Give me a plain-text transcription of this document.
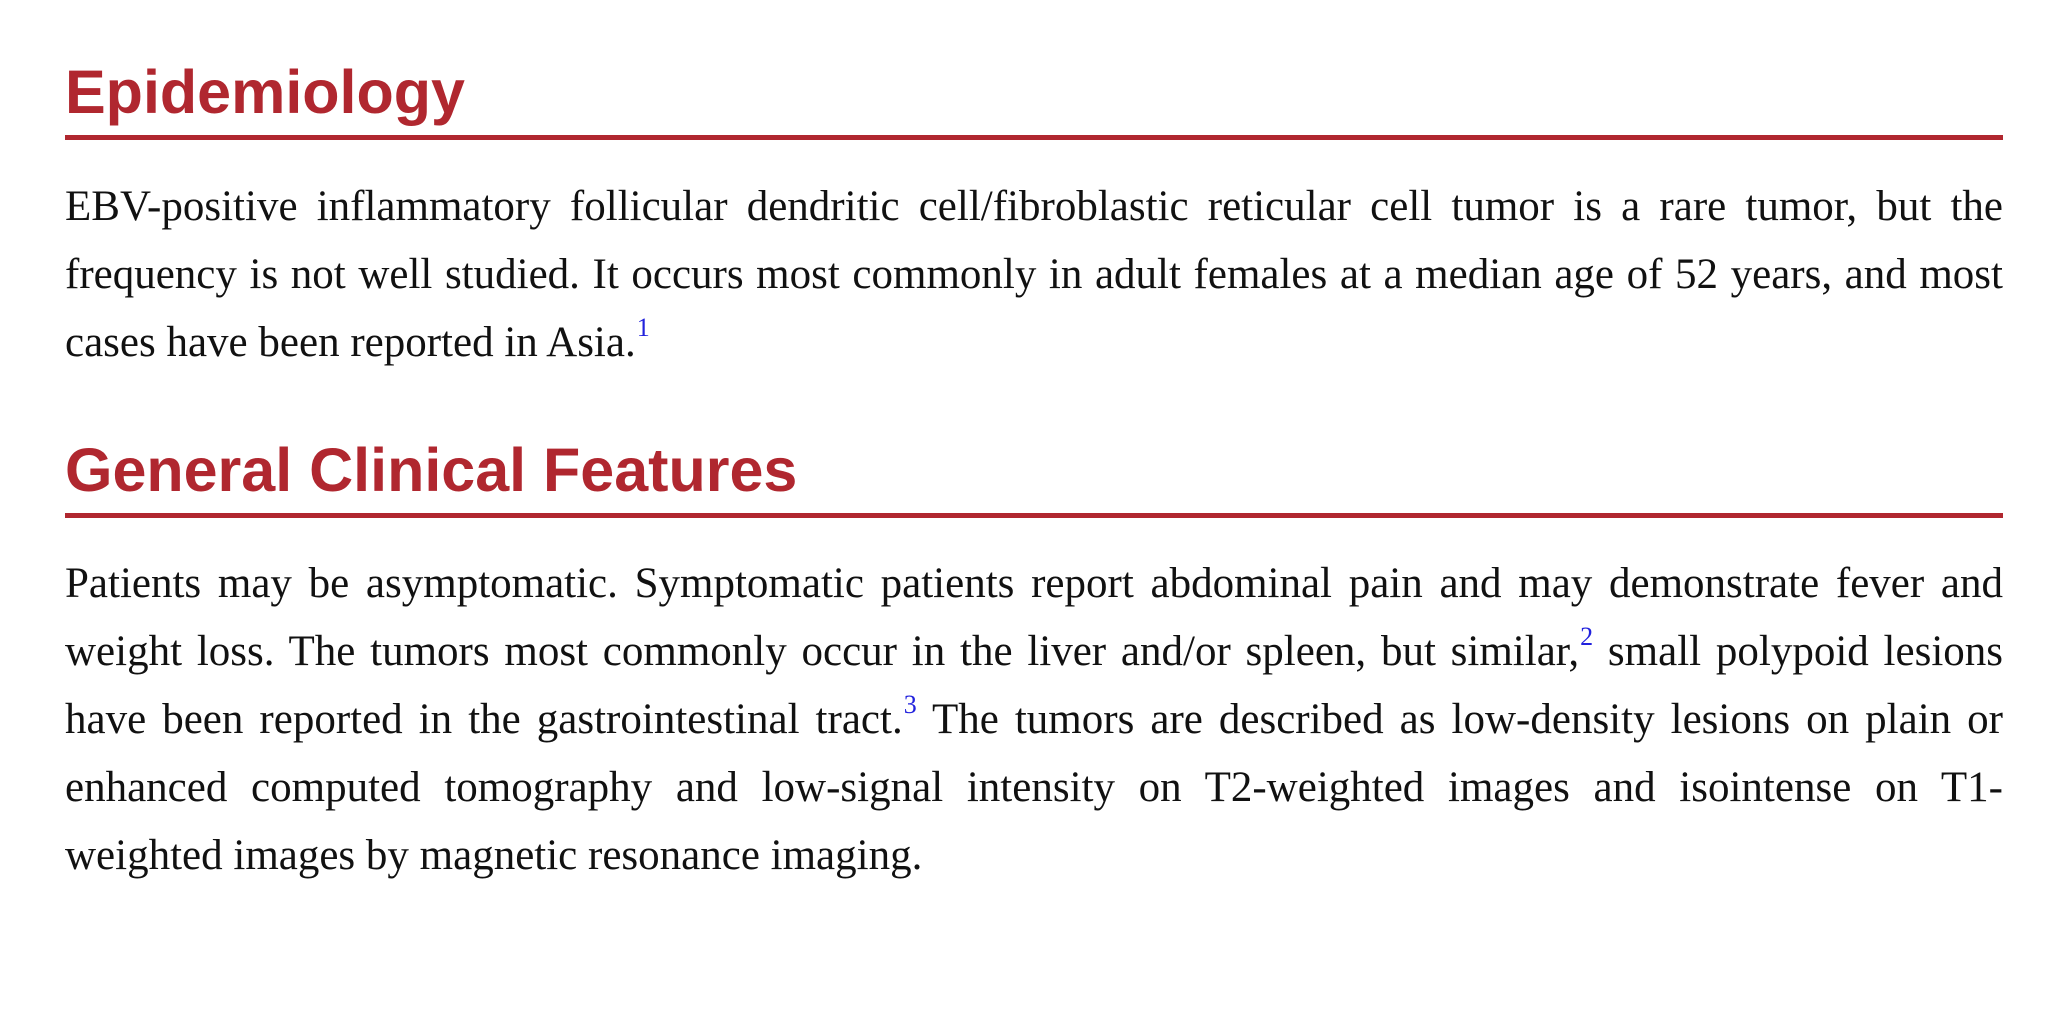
Epidemiology

EBV-positive inflammatory follicular dendritic cell/fibroblastic reticular cell tumor is a rare tumor, but the frequency is not well studied. It occurs most commonly in adult females at a median age of 52 years, and most cases have been reported in Asia.$^1$

General Clinical Features

Patients may be asymptomatic. Symptomatic patients report abdominal pain and may demonstrate fever and weight loss. The tumors most commonly occur in the liver and/or spleen, but similar,$^2$ small polypoid lesions have been reported in the gastrointestinal tract.$^3$ The tumors are described as low-density lesions on plain or enhanced computed tomography and low-signal intensity on T2-weighted images and isointense on T1-weighted images by magnetic resonance imaging.
